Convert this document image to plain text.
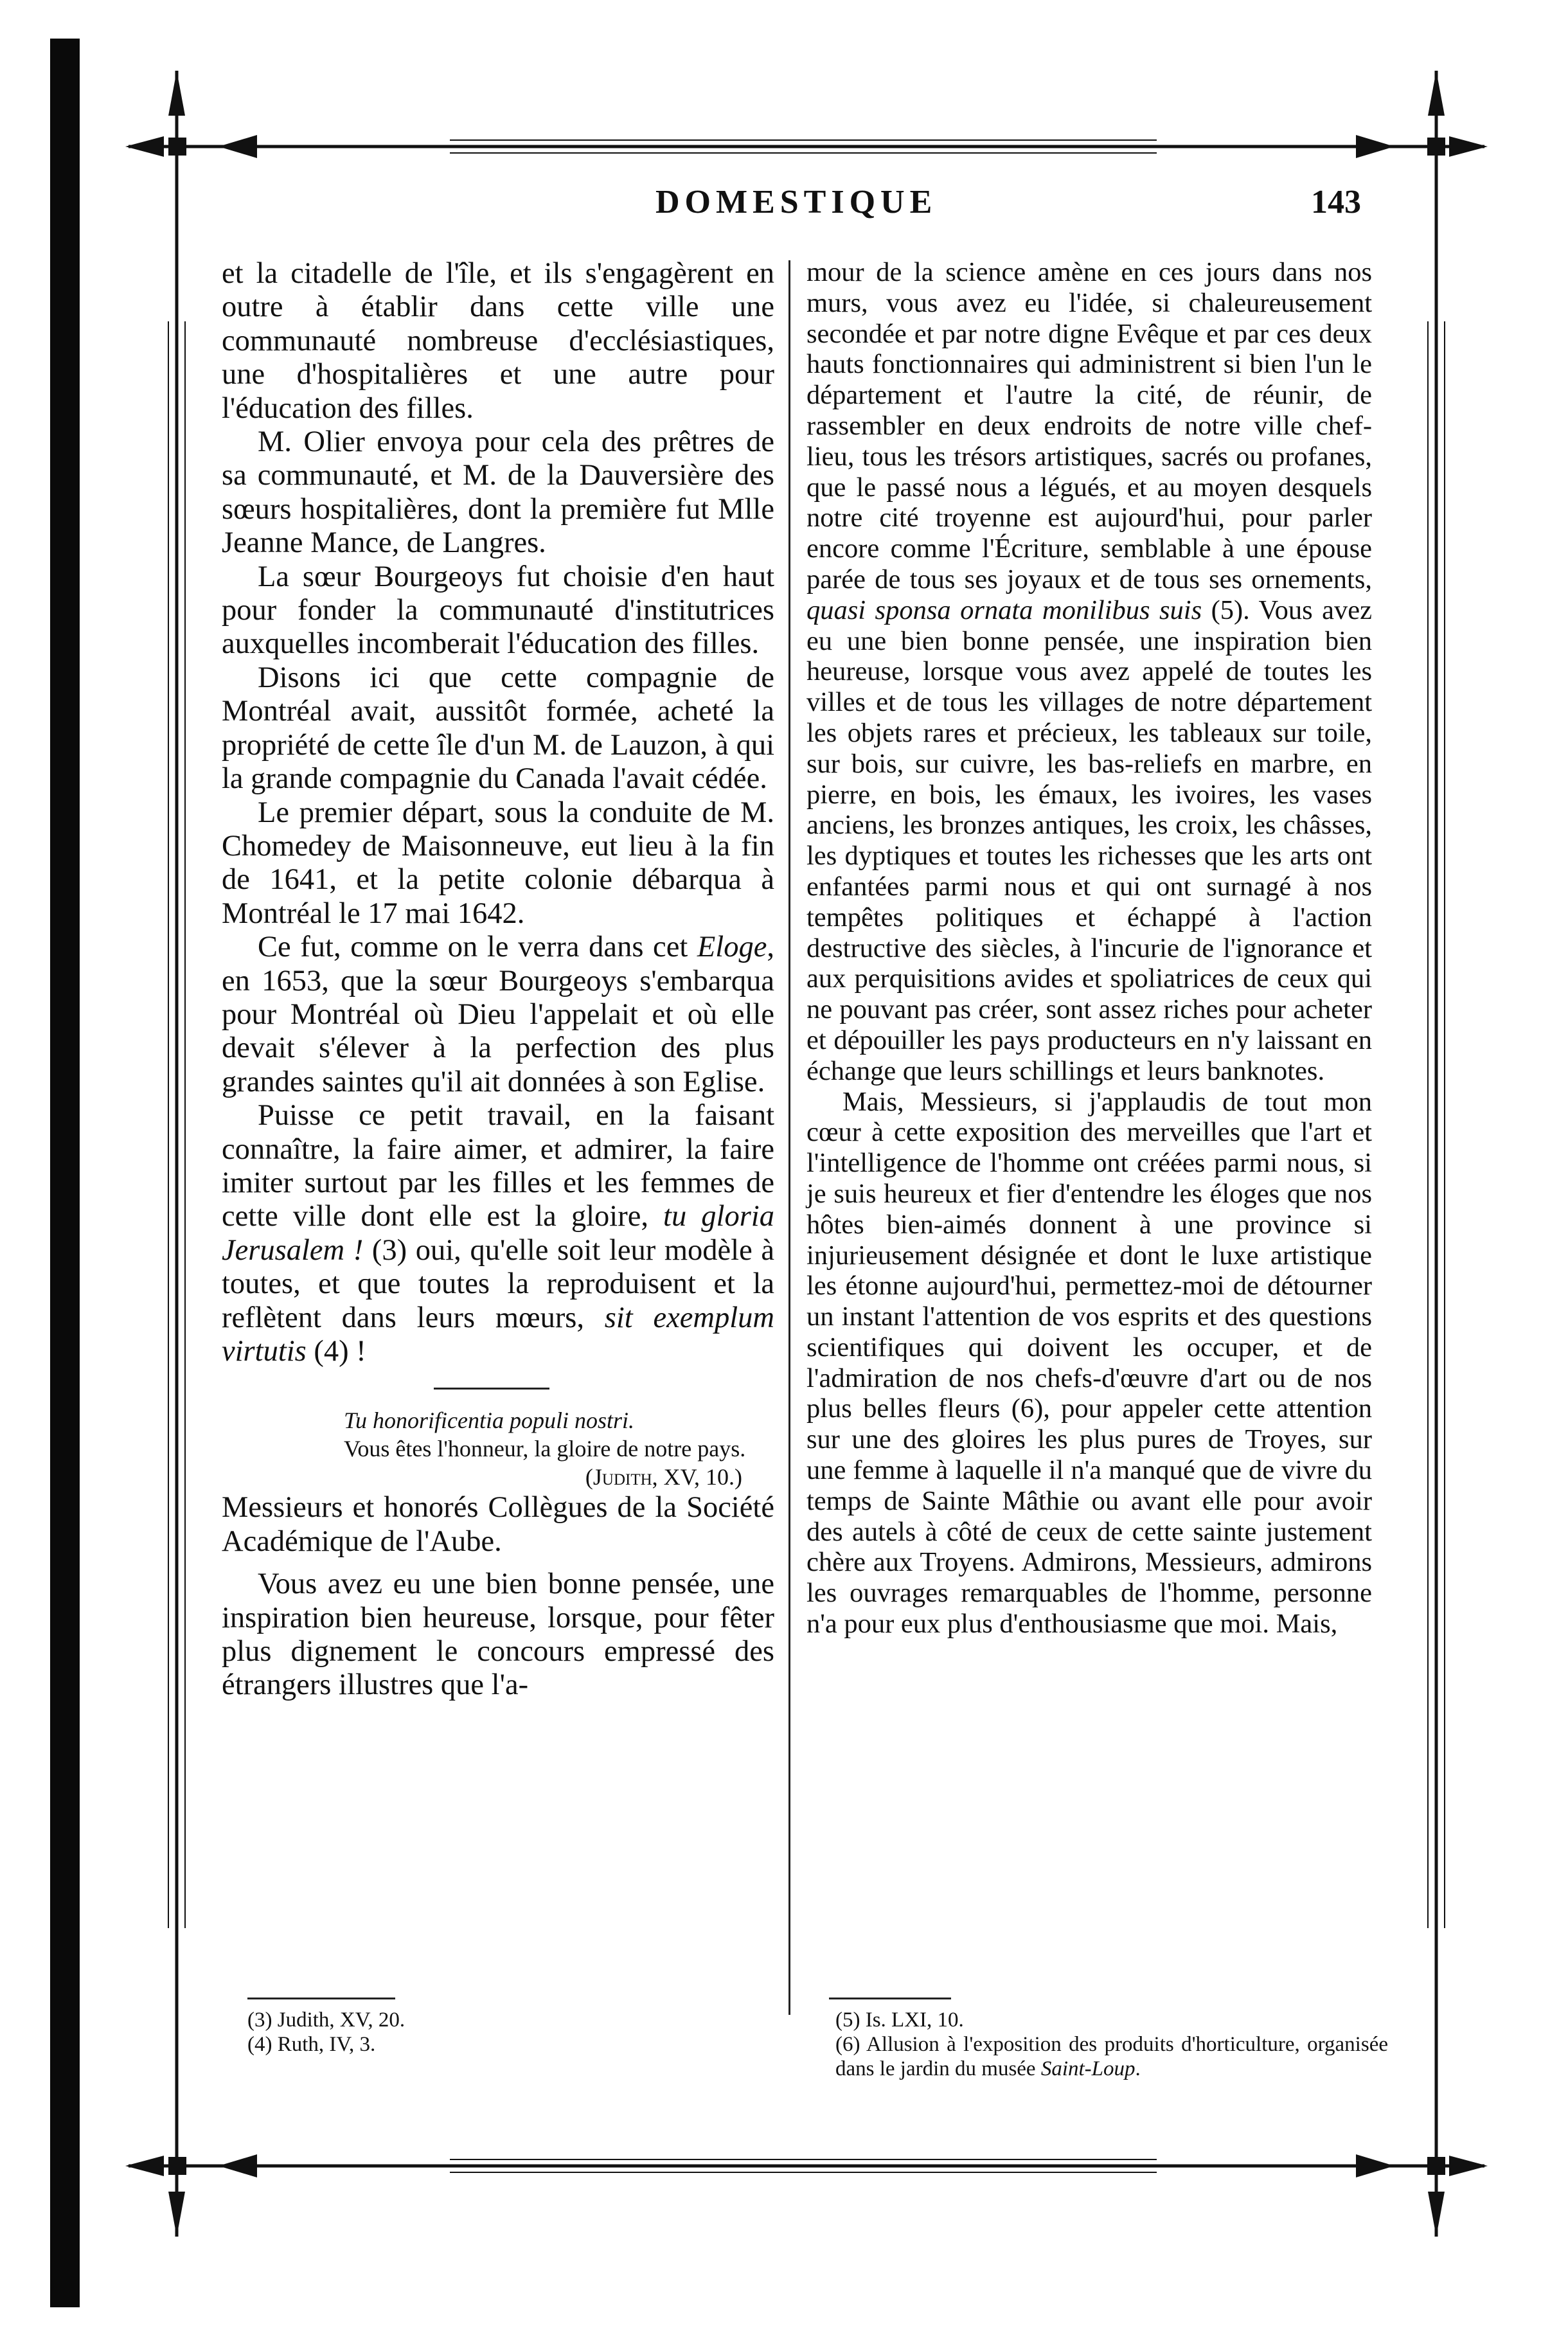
DOMESTIQUE	143

et la citadelle de l'île, et ils s'engagèrent en outre à établir dans cette ville une communauté nombreuse d'ecclésiastiques, une d'hospitalières et une autre pour l'éducation des filles.

M. Olier envoya pour cela des prêtres de sa communauté, et M. de la Dauversière des sœurs hospitalières, dont la première fut Mlle Jeanne Mance, de Langres.

La sœur Bourgeoys fut choisie d'en haut pour fonder la communauté d'institutrices auxquelles incomberait l'éducation des filles.

Disons ici que cette compagnie de Montréal avait, aussitôt formée, acheté la propriété de cette île d'un M. de Lauzon, à qui la grande compagnie du Canada l'avait cédée.

Le premier départ, sous la conduite de M. Chomedey de Maisonneuve, eut lieu à la fin de 1641, et la petite colonie débarqua à Montréal le 17 mai 1642.

Ce fut, comme on le verra dans cet Eloge, en 1653, que la sœur Bourgeoys s'embarqua pour Montréal où Dieu l'appelait et où elle devait s'élever à la perfection des plus grandes saintes qu'il ait données à son Eglise.

Puisse ce petit travail, en la faisant connaître, la faire aimer, et admirer, la faire imiter surtout par les filles et les femmes de cette ville dont elle est la gloire, tu gloria Jerusalem ! (3) oui, qu'elle soit leur modèle à toutes, et que toutes la reproduisent et la reflètent dans leurs mœurs, sit exemplum virtutis (4) !

Tu honorificentia populi nostri.
Vous êtes l'honneur, la gloire de notre pays.
(Judith, XV, 10.)

Messieurs et honorés Collègues de la Société Académique de l'Aube.

Vous avez eu une bien bonne pensée, une inspiration bien heureuse, lorsque, pour fêter plus dignement le concours empressé des étrangers illustres que l'a-

mour de la science amène en ces jours dans nos murs, vous avez eu l'idée, si chaleureusement secondée et par notre digne Evêque et par ces deux hauts fonctionnaires qui administrent si bien l'un le département et l'autre la cité, de réunir, de rassembler en deux endroits de notre ville chef-lieu, tous les trésors artistiques, sacrés ou profanes, que le passé nous a légués, et au moyen desquels notre cité troyenne est aujourd'hui, pour parler encore comme l'Écriture, semblable à une épouse parée de tous ses joyaux et de tous ses ornements, quasi sponsa ornata monilibus suis (5). Vous avez eu une bien bonne pensée, une inspiration bien heureuse, lorsque vous avez appelé de toutes les villes et de tous les villages de notre département les objets rares et précieux, les tableaux sur toile, sur bois, sur cuivre, les bas-reliefs en marbre, en pierre, en bois, les émaux, les ivoires, les vases anciens, les bronzes antiques, les croix, les châsses, les dyptiques et toutes les richesses que les arts ont enfantées parmi nous et qui ont surnagé à nos tempêtes politiques et échappé à l'action destructive des siècles, à l'incurie de l'ignorance et aux perquisitions avides et spoliatrices de ceux qui ne pouvant pas créer, sont assez riches pour acheter et dépouiller les pays producteurs en n'y laissant en échange que leurs schillings et leurs banknotes.

Mais, Messieurs, si j'applaudis de tout mon cœur à cette exposition des merveilles que l'art et l'intelligence de l'homme ont créées parmi nous, si je suis heureux et fier d'entendre les éloges que nos hôtes bien-aimés donnent à une province si injurieusement désignée et dont le luxe artistique les étonne aujourd'hui, permettez-moi de détourner un instant l'attention de vos esprits et des questions scientifiques qui doivent les occuper, et de l'admiration de nos chefs-d'œuvre d'art ou de nos plus belles fleurs (6), pour appeler cette attention sur une des gloires les plus pures de Troyes, sur une femme à laquelle il n'a manqué que de vivre du temps de Sainte Mâthie ou avant elle pour avoir des autels à côté de ceux de cette sainte justement chère aux Troyens. Admirons, Messieurs, admirons les ouvrages remarquables de l'homme, personne n'a pour eux plus d'enthousiasme que moi. Mais,

(3) Judith, XV, 20.
(4) Ruth, IV, 3.
(5) Is. LXI, 10.
(6) Allusion à l'exposition des produits d'horticulture, organisée dans le jardin du musée Saint-Loup.
